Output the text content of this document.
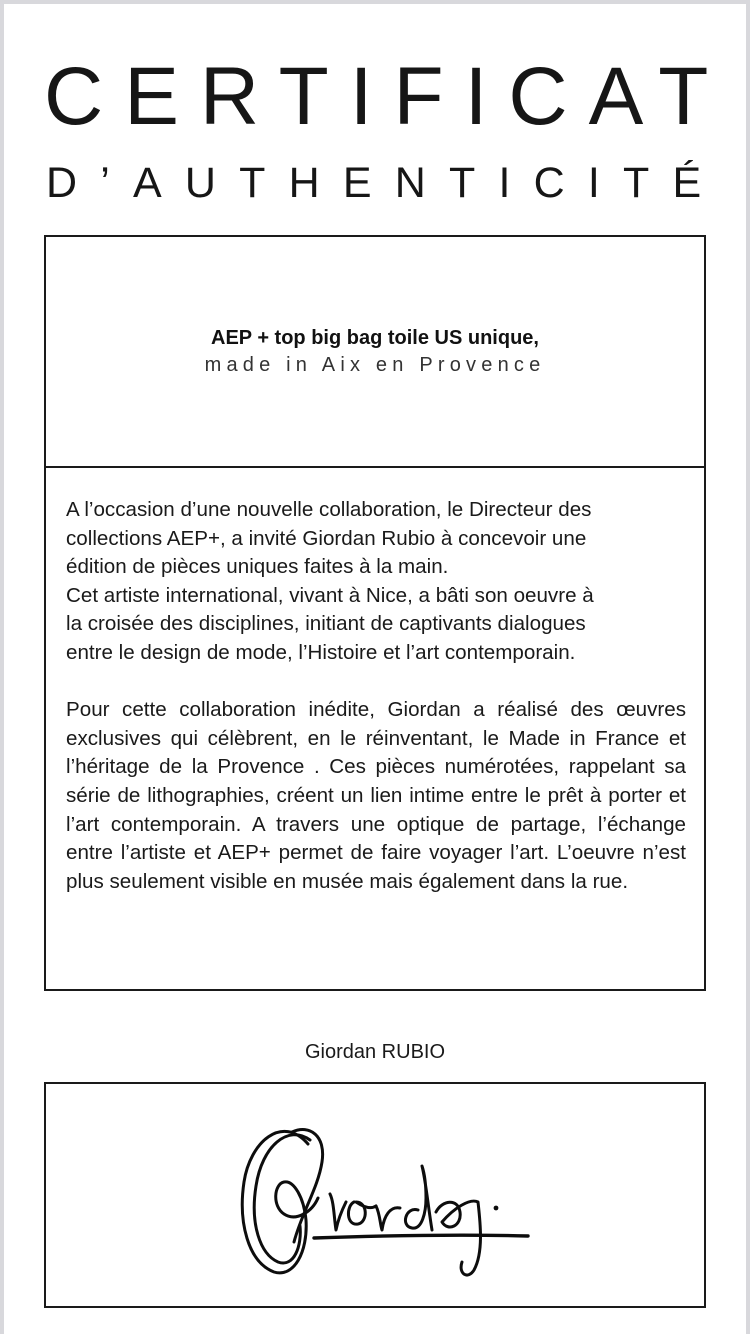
CERTIFICAT
D’AUTHENTICITÉ
AEP + top big bag toile US unique,
made in Aix en Provence

A l’occasion d’une nouvelle collaboration, le Directeur des

collections AEP+, a invité Giordan Rubio à concevoir une

édition de pièces uniques faites à la main.

Cet artiste international, vivant à Nice, a bâti son oeuvre à

la croisée des disciplines, initiant de captivants dialogues

entre le design de mode, l’Histoire et l’art contemporain.

Pour cette collaboration inédite, Giordan a réalisé des œuvres exclusives qui célèbrent, en le réinventant, le Made in France et l’héritage de la Provence . Ces pièces numérotées, rappelant sa série de lithographies, créent un lien intime entre le prêt à porter et l’art contemporain. A travers une optique de partage, l’échange entre l’artiste et AEP+ permet de faire voyager l’art. L’oeuvre n’est plus seulement visible en musée mais également dans la rue.

Giordan RUBIO
